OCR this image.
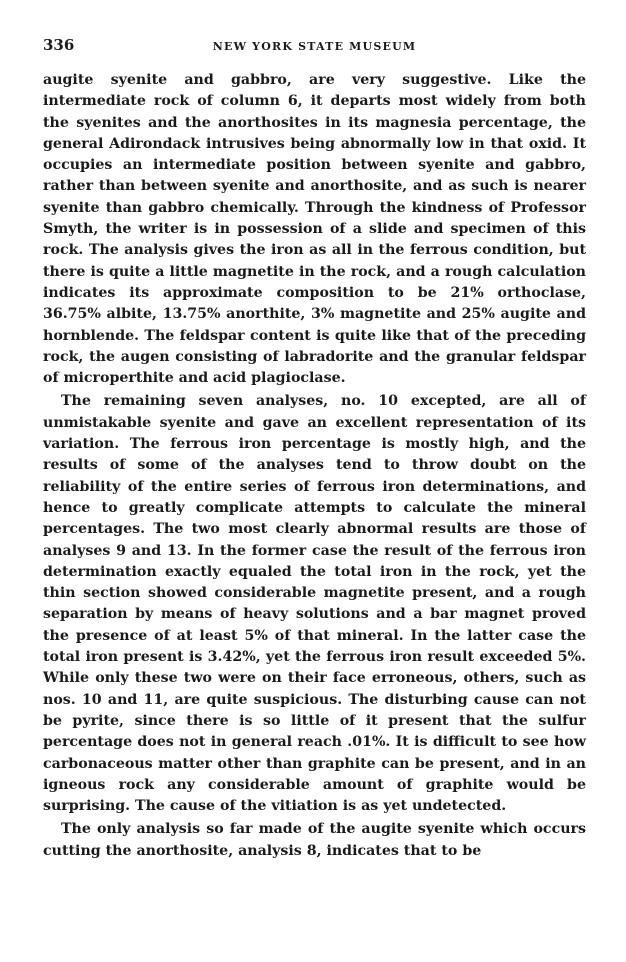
336	NEW YORK STATE MUSEUM

augite syenite and gabbro, are very suggestive. Like the intermediate rock of column 6, it departs most widely from both the syenites and the anorthosites in its magnesia percentage, the general Adirondack intrusives being abnormally low in that oxid. It occupies an intermediate position between syenite and gabbro, rather than between syenite and anorthosite, and as such is nearer syenite than gabbro chemically. Through the kindness of Professor Smyth, the writer is in possession of a slide and specimen of this rock. The analysis gives the iron as all in the ferrous condition, but there is quite a little magnetite in the rock, and a rough calculation indicates its approximate composition to be 21% orthoclase, 36.75% albite, 13.75% anorthite, 3% magnetite and 25% augite and hornblende. The feldspar content is quite like that of the preceding rock, the augen consisting of labradorite and the granular feldspar of microperthite and acid plagioclase.

The remaining seven analyses, no. 10 excepted, are all of unmistakable syenite and gave an excellent representation of its variation. The ferrous iron percentage is mostly high, and the results of some of the analyses tend to throw doubt on the reliability of the entire series of ferrous iron determinations, and hence to greatly complicate attempts to calculate the mineral percentages. The two most clearly abnormal results are those of analyses 9 and 13. In the former case the result of the ferrous iron determination exactly equaled the total iron in the rock, yet the thin section showed considerable magnetite present, and a rough separation by means of heavy solutions and a bar magnet proved the presence of at least 5% of that mineral. In the latter case the total iron present is 3.42%, yet the ferrous iron result exceeded 5%. While only these two were on their face erroneous, others, such as nos. 10 and 11, are quite suspicious. The disturbing cause can not be pyrite, since there is so little of it present that the sulfur percentage does not in general reach .01%. It is difficult to see how carbonaceous matter other than graphite can be present, and in an igneous rock any considerable amount of graphite would be surprising. The cause of the vitiation is as yet undetected.

The only analysis so far made of the augite syenite which occurs cutting the anorthosite, analysis 8, indicates that to be
